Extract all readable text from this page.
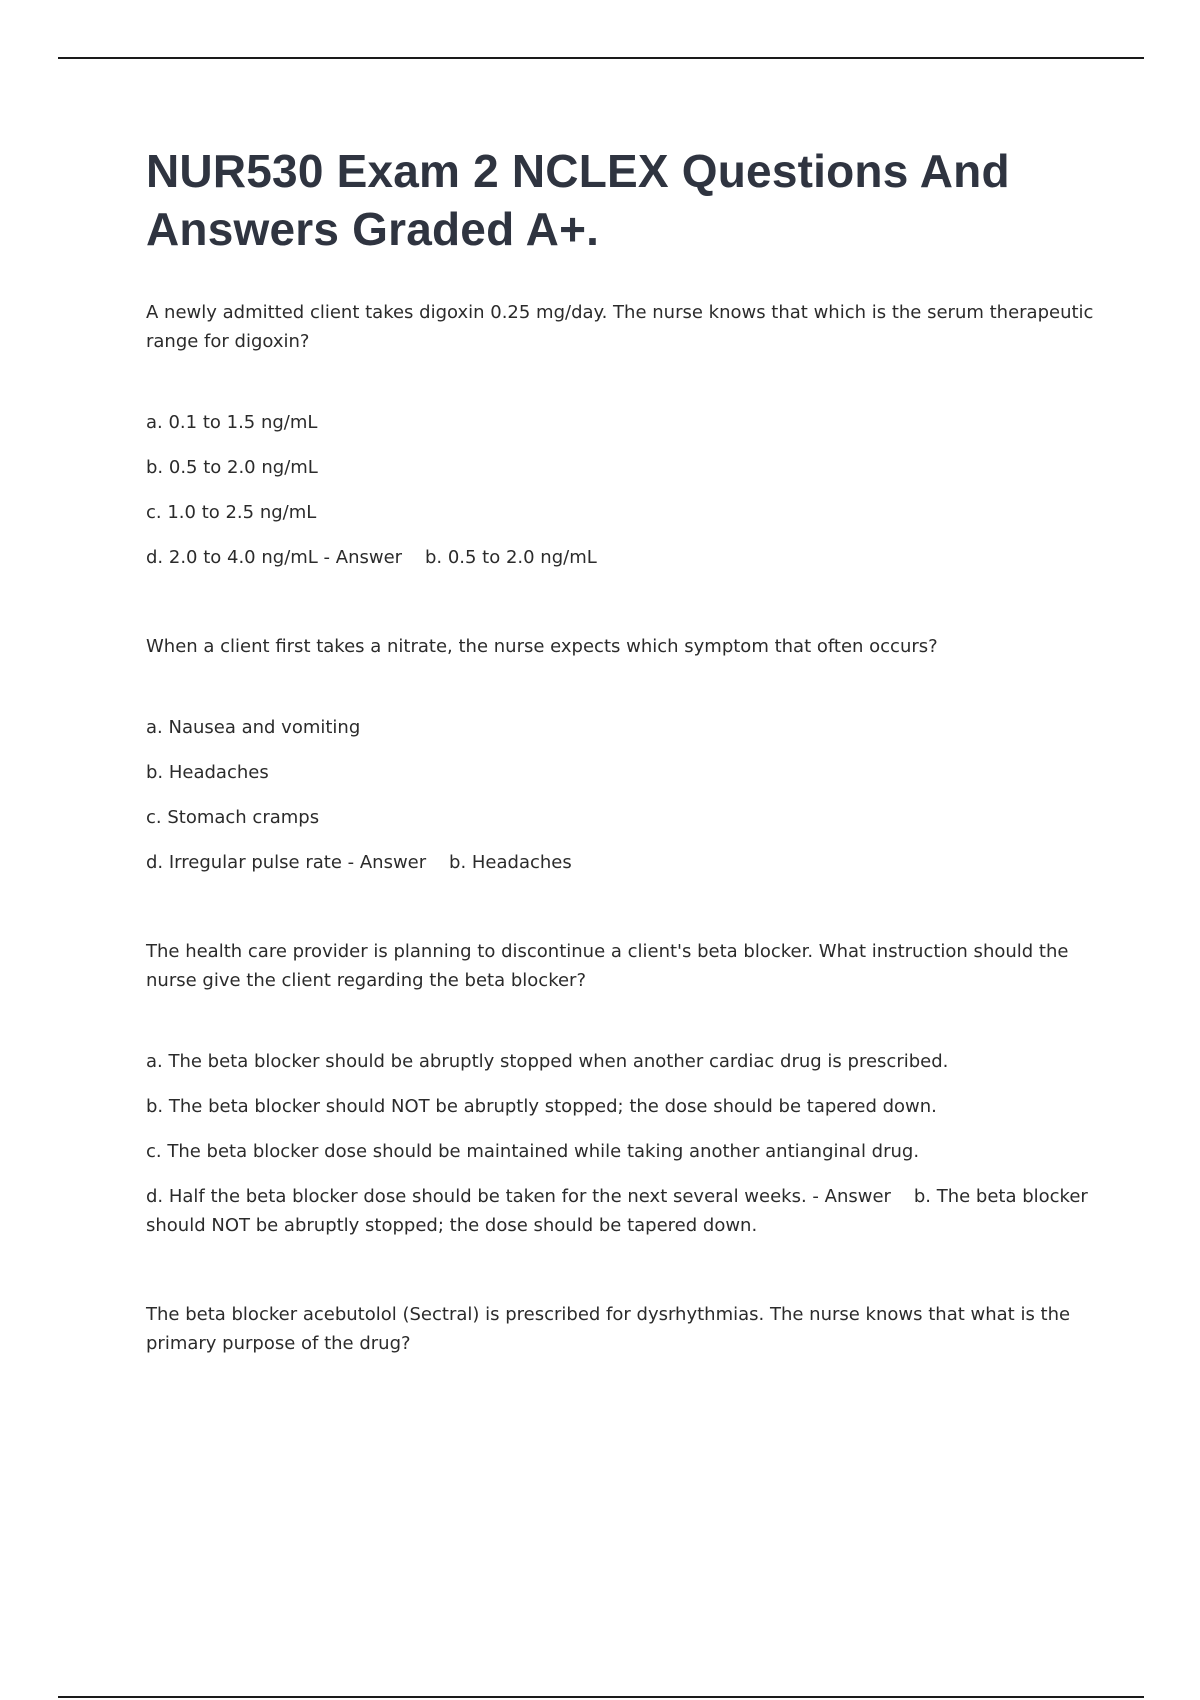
NUR530 Exam 2 NCLEX Questions And Answers Graded A+.

A newly admitted client takes digoxin 0.25 mg/day. The nurse knows that which is the serum therapeutic range for digoxin?

a. 0.1 to 1.5 ng/mL

b. 0.5 to 2.0 ng/mL

c. 1.0 to 2.5 ng/mL

d. 2.0 to 4.0 ng/mL - Answer    b. 0.5 to 2.0 ng/mL

When a client first takes a nitrate, the nurse expects which symptom that often occurs?

a. Nausea and vomiting

b. Headaches

c. Stomach cramps

d. Irregular pulse rate - Answer    b. Headaches

The health care provider is planning to discontinue a client's beta blocker. What instruction should the nurse give the client regarding the beta blocker?

a. The beta blocker should be abruptly stopped when another cardiac drug is prescribed.

b. The beta blocker should NOT be abruptly stopped; the dose should be tapered down.

c. The beta blocker dose should be maintained while taking another antianginal drug.

d. Half the beta blocker dose should be taken for the next several weeks. - Answer    b. The beta blocker should NOT be abruptly stopped; the dose should be tapered down.

The beta blocker acebutolol (Sectral) is prescribed for dysrhythmias. The nurse knows that what is the primary purpose of the drug?
